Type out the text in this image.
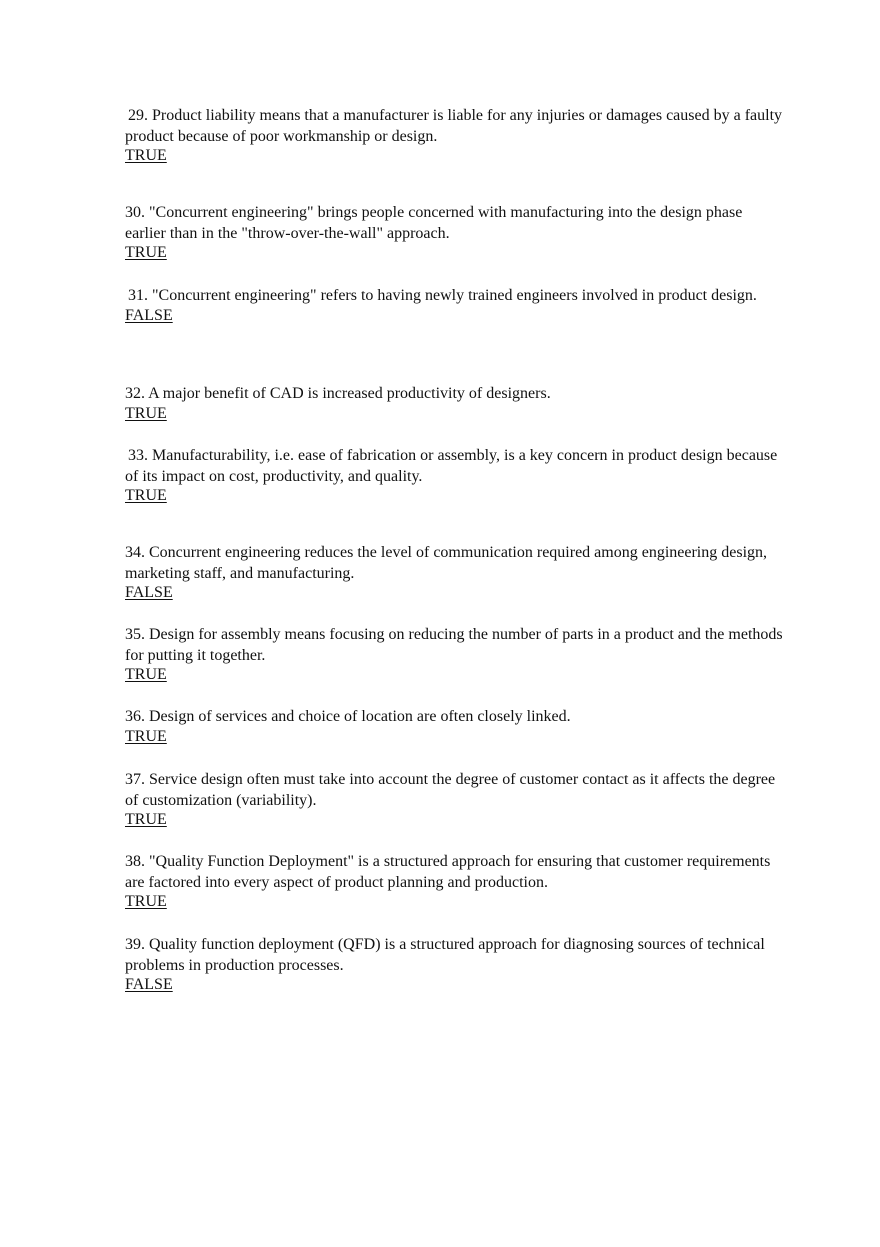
29. Product liability means that a manufacturer is liable for any injuries or damages caused by a faulty product because of poor workmanship or design.

TRUE

30. "Concurrent engineering" brings people concerned with manufacturing into the design phase earlier than in the "throw-over-the-wall" approach.

TRUE

31. "Concurrent engineering" refers to having newly trained engineers involved in product design.

FALSE

32. A major benefit of CAD is increased productivity of designers.

TRUE

33. Manufacturability, i.e. ease of fabrication or assembly, is a key concern in product design because of its impact on cost, productivity, and quality.

TRUE

34. Concurrent engineering reduces the level of communication required among engineering design, marketing staff, and manufacturing.

FALSE

35. Design for assembly means focusing on reducing the number of parts in a product and the methods for putting it together.

TRUE

36. Design of services and choice of location are often closely linked.

TRUE

37. Service design often must take into account the degree of customer contact as it affects the degree of customization (variability).

TRUE

38. "Quality Function Deployment" is a structured approach for ensuring that customer requirements are factored into every aspect of product planning and production.

TRUE

39. Quality function deployment (QFD) is a structured approach for diagnosing sources of technical problems in production processes.

FALSE
